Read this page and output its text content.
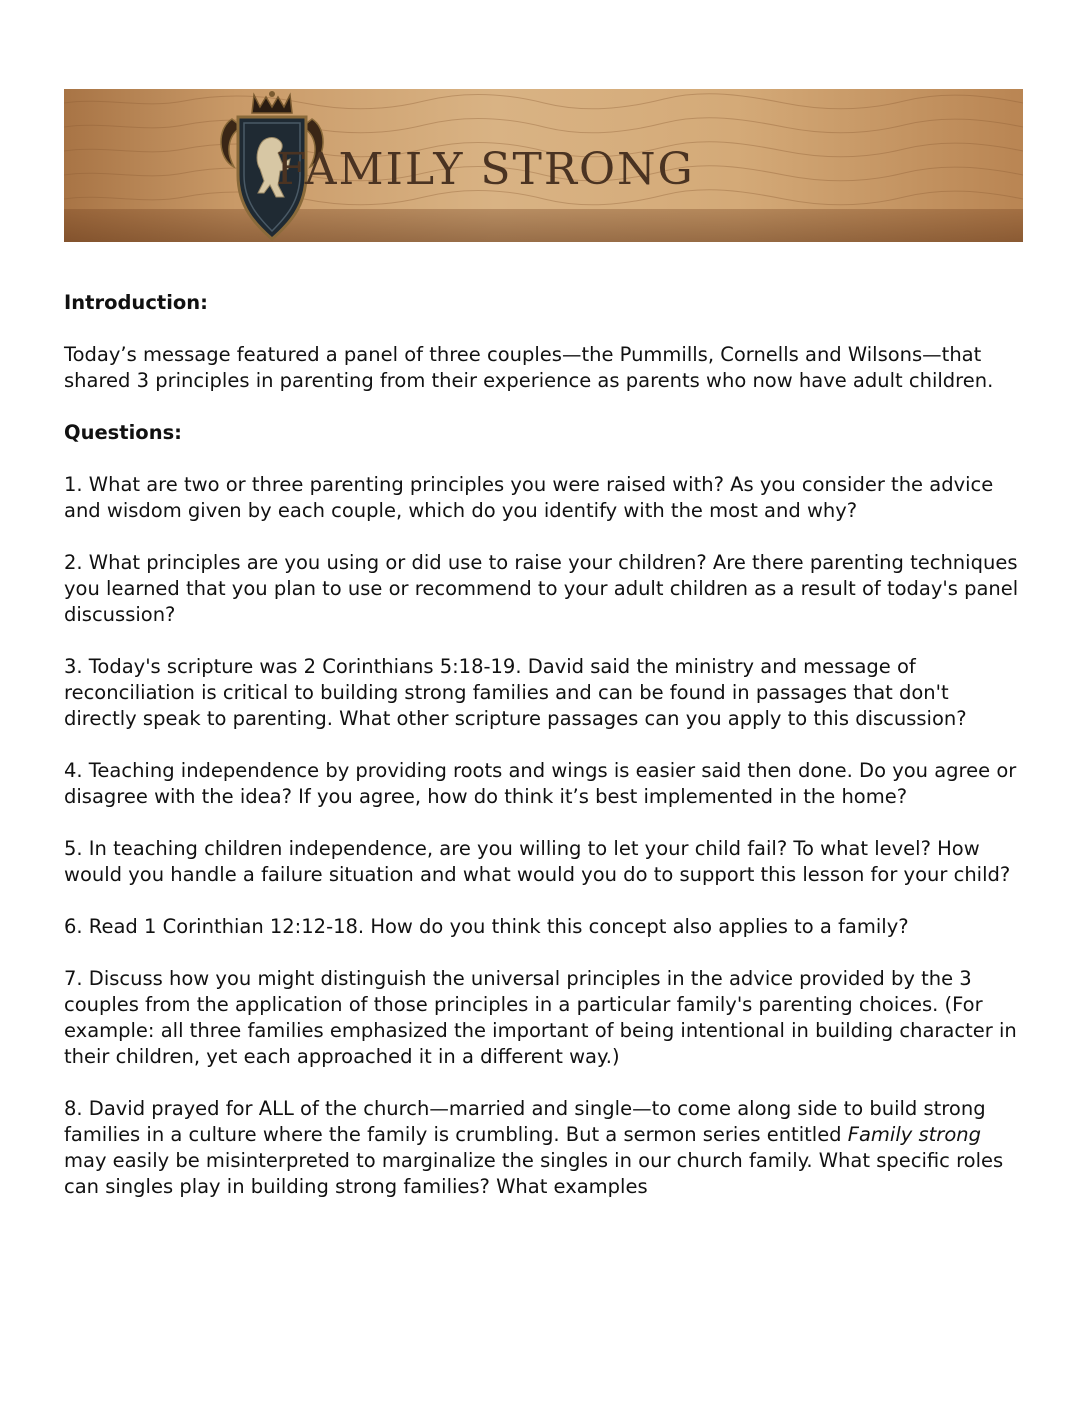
FAMILY STRONG

Introduction:

Today’s message featured a panel of three couples—the Pummills, Cornells and Wilsons—that shared 3 principles in parenting from their experience as parents who now have adult children.

Questions:

1. What are two or three parenting principles you were raised with? As you consider the advice and wisdom given by each couple, which do you identify with the most and why?

2. What principles are you using or did use to raise your children? Are there parenting techniques you learned that you plan to use or recommend to your adult children as a result of today's panel discussion?

3. Today's scripture was 2 Corinthians 5:18-19. David said the ministry and message of reconciliation is critical to building strong families and can be found in passages that don't directly speak to parenting. What other scripture passages can you apply to this discussion?

4. Teaching independence by providing roots and wings is easier said then done. Do you agree or disagree with the idea? If you agree, how do think it’s best implemented in the home?

5. In teaching children independence, are you willing to let your child fail? To what level? How would you handle a failure situation and what would you do to support this lesson for your child?

6. Read 1 Corinthian 12:12-18. How do you think this concept also applies to a family?

7. Discuss how you might distinguish the universal principles in the advice provided by the 3 couples from the application of those principles in a particular family's parenting choices. (For example: all three families emphasized the important of being intentional in building character in their children, yet each approached it in a different way.)

8. David prayed for ALL of the church—married and single—to come along side to build strong families in a culture where the family is crumbling. But a sermon series entitled Family strong may easily be misinterpreted to marginalize the singles in our church family. What specific roles can singles play in building strong families? What examples
